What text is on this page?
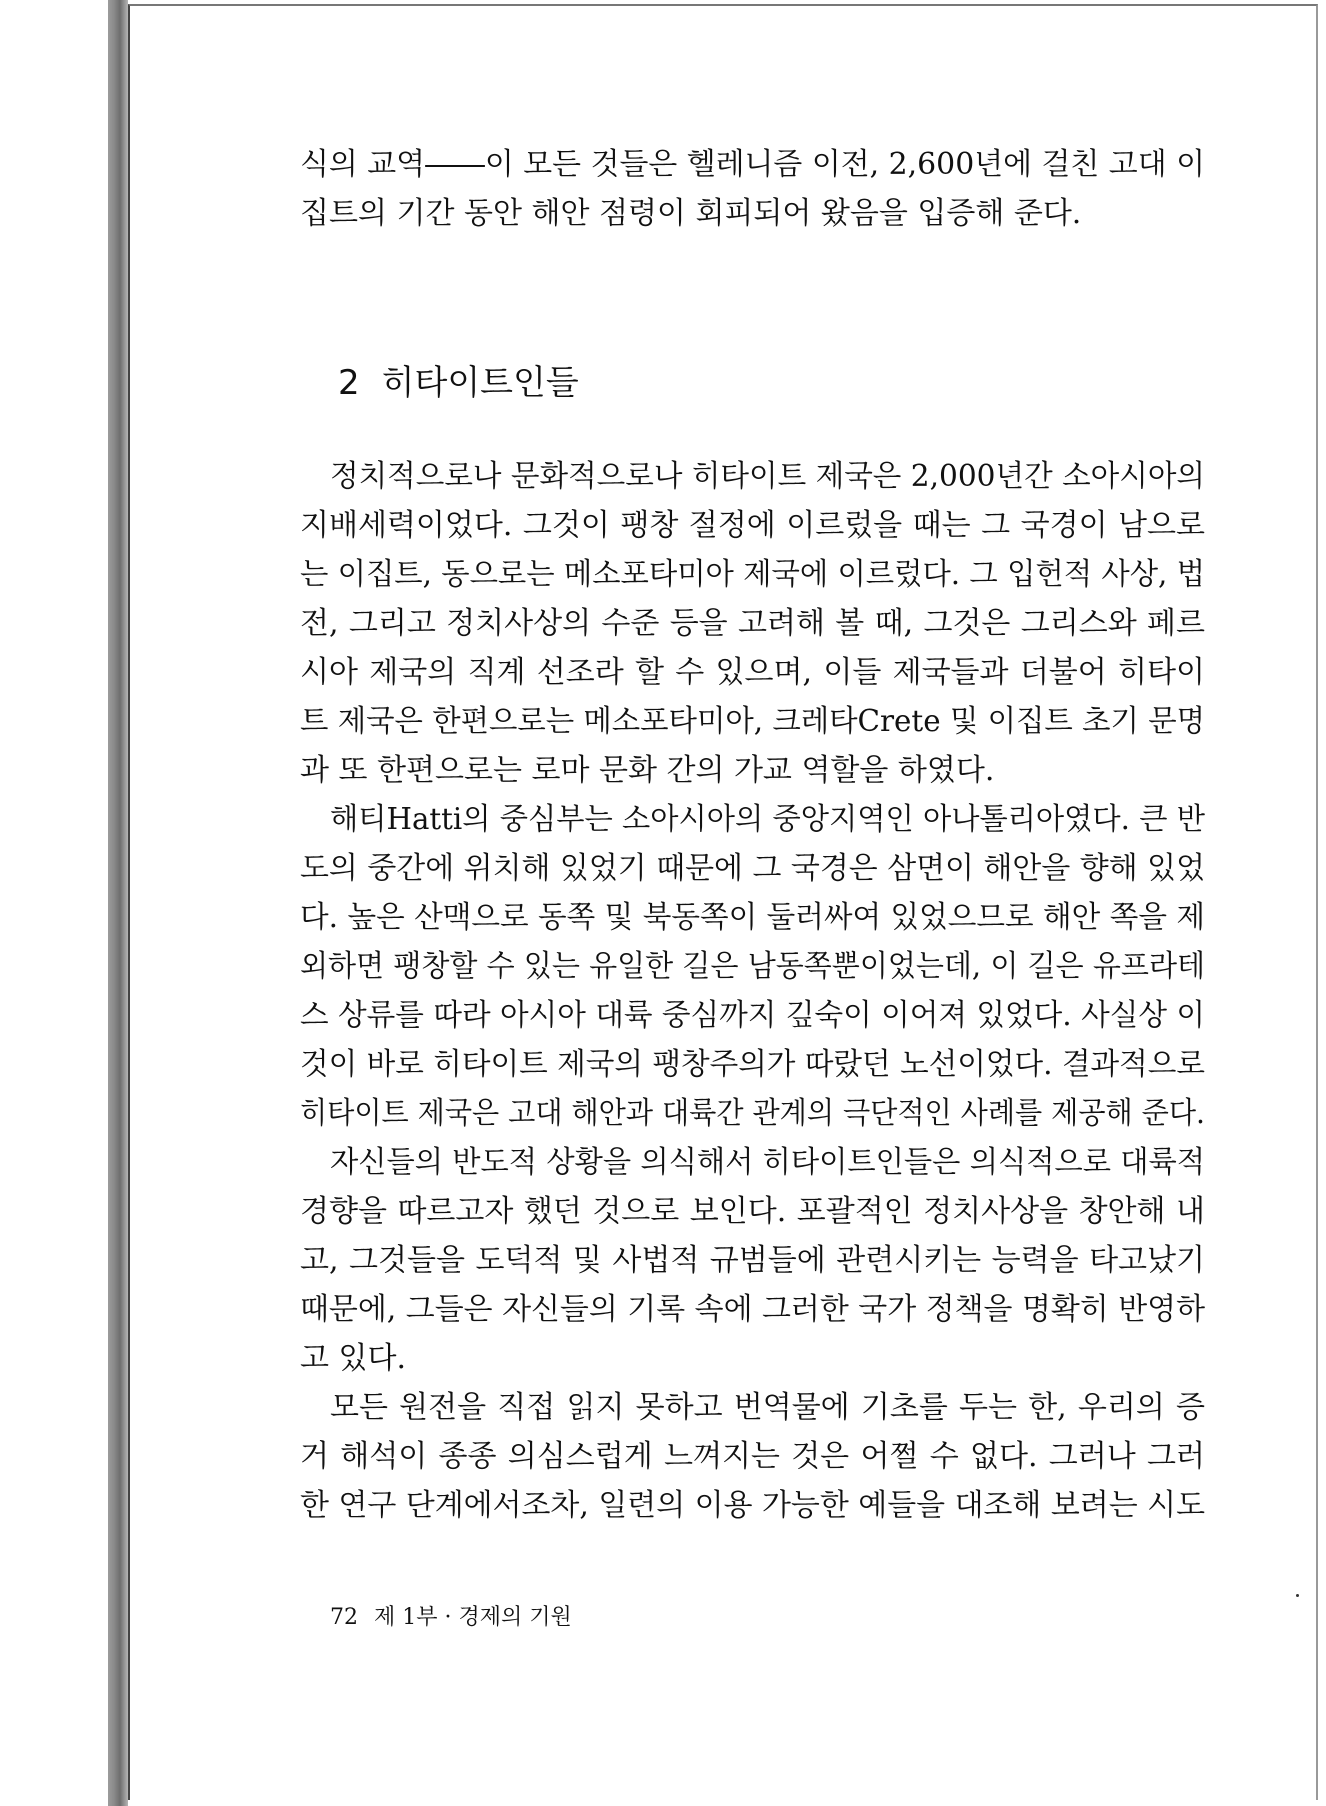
식의 교역――이 모든 것들은 헬레니즘 이전, 2,600년에 걸친 고대 이
집트의 기간 동안 해안 점령이 회피되어 왔음을 입증해 준다.
2 히타이트인들
정치적으로나 문화적으로나 히타이트 제국은 2,000년간 소아시아의
지배세력이었다. 그것이 팽창 절정에 이르렀을 때는 그 국경이 남으로
는 이집트, 동으로는 메소포타미아 제국에 이르렀다. 그 입헌적 사상, 법
전, 그리고 정치사상의 수준 등을 고려해 볼 때, 그것은 그리스와 페르
시아 제국의 직계 선조라 할 수 있으며, 이들 제국들과 더불어 히타이
트 제국은 한편으로는 메소포타미아, 크레타Crete 및 이집트 초기 문명
과 또 한편으로는 로마 문화 간의 가교 역할을 하였다.
해티Hatti의 중심부는 소아시아의 중앙지역인 아나톨리아였다. 큰 반
도의 중간에 위치해 있었기 때문에 그 국경은 삼면이 해안을 향해 있었
다. 높은 산맥으로 동쪽 및 북동쪽이 둘러싸여 있었으므로 해안 쪽을 제
외하면 팽창할 수 있는 유일한 길은 남동쪽뿐이었는데, 이 길은 유프라테
스 상류를 따라 아시아 대륙 중심까지 깊숙이 이어져 있었다. 사실상 이
것이 바로 히타이트 제국의 팽창주의가 따랐던 노선이었다. 결과적으로
히타이트 제국은 고대 해안과 대륙간 관계의 극단적인 사례를 제공해 준다.
자신들의 반도적 상황을 의식해서 히타이트인들은 의식적으로 대륙적
경향을 따르고자 했던 것으로 보인다. 포괄적인 정치사상을 창안해 내
고, 그것들을 도덕적 및 사법적 규범들에 관련시키는 능력을 타고났기
때문에, 그들은 자신들의 기록 속에 그러한 국가 정책을 명확히 반영하
고 있다.
모든 원전을 직접 읽지 못하고 번역물에 기초를 두는 한, 우리의 증
거 해석이 종종 의심스럽게 느껴지는 것은 어쩔 수 없다. 그러나 그러
한 연구 단계에서조차, 일련의 이용 가능한 예들을 대조해 보려는 시도
72 제 1부 · 경제의 기원
